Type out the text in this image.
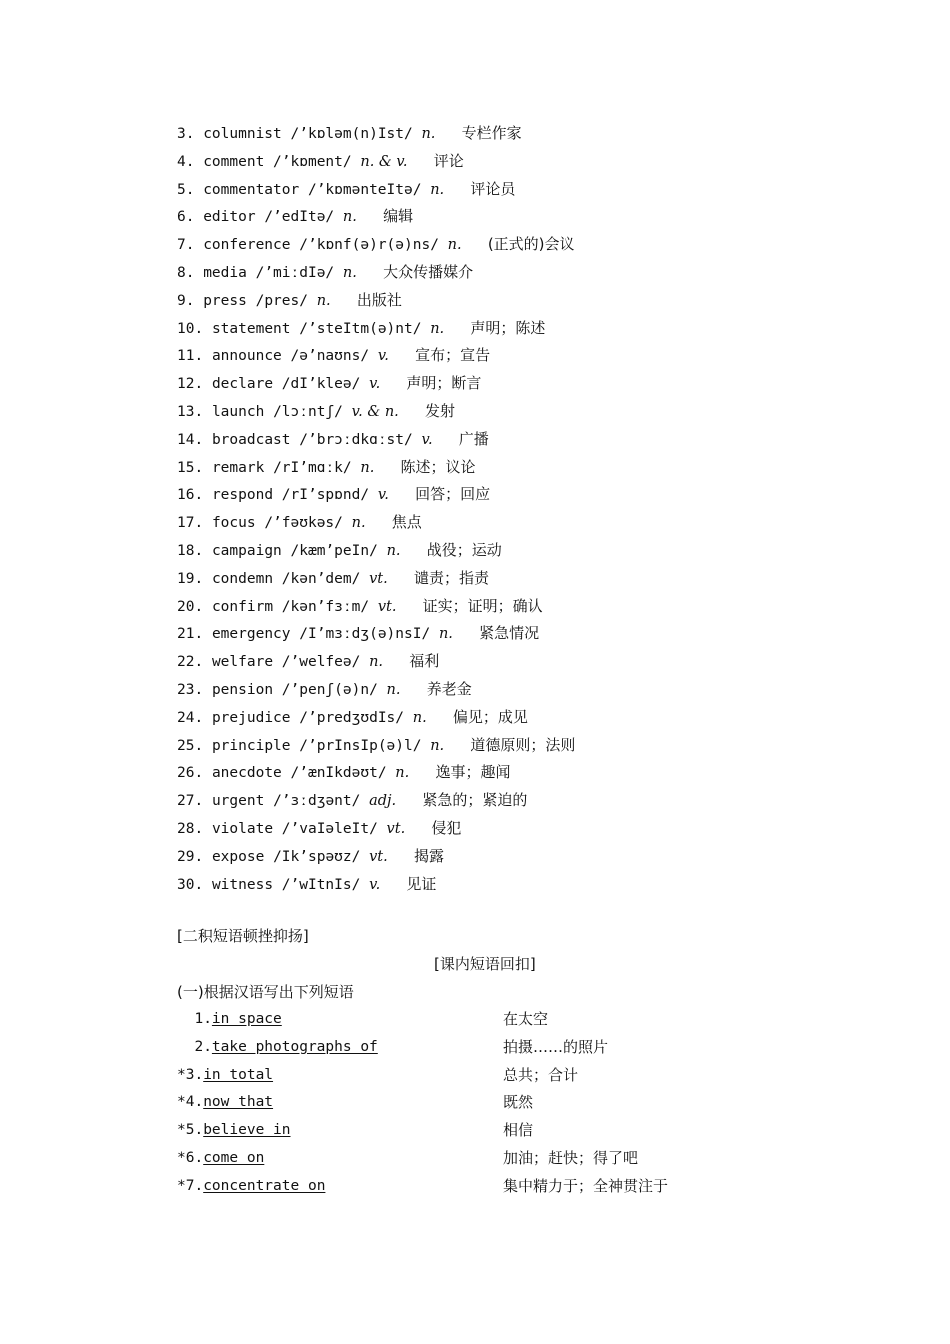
3. columnist /’kɒləm(n)Ist/ n. 专栏作家
4. comment /’kɒment/ n. & v. 评论
5. commentator /’kɒmənteItə/ n. 评论员
6. editor /’edItə/ n. 编辑
7. conference /’kɒnf(ə)r(ə)ns/ n. (正式的)会议
8. media /’miːdIə/ n. 大众传播媒介
9. press /pres/ n. 出版社
10. statement /’steItm(ə)nt/ n. 声明；陈述
11. announce /ə’naʊns/ v. 宣布；宣告
12. declare /dI’kleə/ v. 声明；断言
13. launch /lɔːntʃ/ v. & n. 发射
14. broadcast /’brɔːdkɑːst/ v. 广播
15. remark /rI’mɑːk/ n. 陈述；议论
16. respond /rI’spɒnd/ v. 回答；回应
17. focus /’fəʊkəs/ n. 焦点
18. campaign /kæm’peIn/ n. 战役；运动
19. condemn /kən’dem/ vt. 谴责；指责
20. confirm /kən’fɜːm/ vt. 证实；证明；确认
21. emergency /I’mɜːdʒ(ə)nsI/ n. 紧急情况
22. welfare /’welfeə/ n. 福利
23. pension /’penʃ(ə)n/ n. 养老金
24. prejudice /’predʒʊdIs/ n. 偏见；成见
25. principle /’prInsIp(ə)l/ n. 道德原则；法则
26. anecdote /’ænIkdəʊt/ n. 逸事；趣闻
27. urgent /’ɜːdʒənt/ adj. 紧急的；紧迫的
28. violate /’vaIəleIt/ vt. 侵犯
29. expose /Ik’spəʊz/ vt. 揭露
30. witness /’wItnIs/ v. 见证
[二积短语顿挫抑扬]
[课内短语回扣]
(一)根据汉语写出下列短语
1.in space	在太空
2.take photographs of	拍摄……的照片
*3.in total	总共；合计
*4.now that	既然
*5.believe in	相信
*6.come on	加油；赶快；得了吧
*7.concentrate on	集中精力于；全神贯注于
